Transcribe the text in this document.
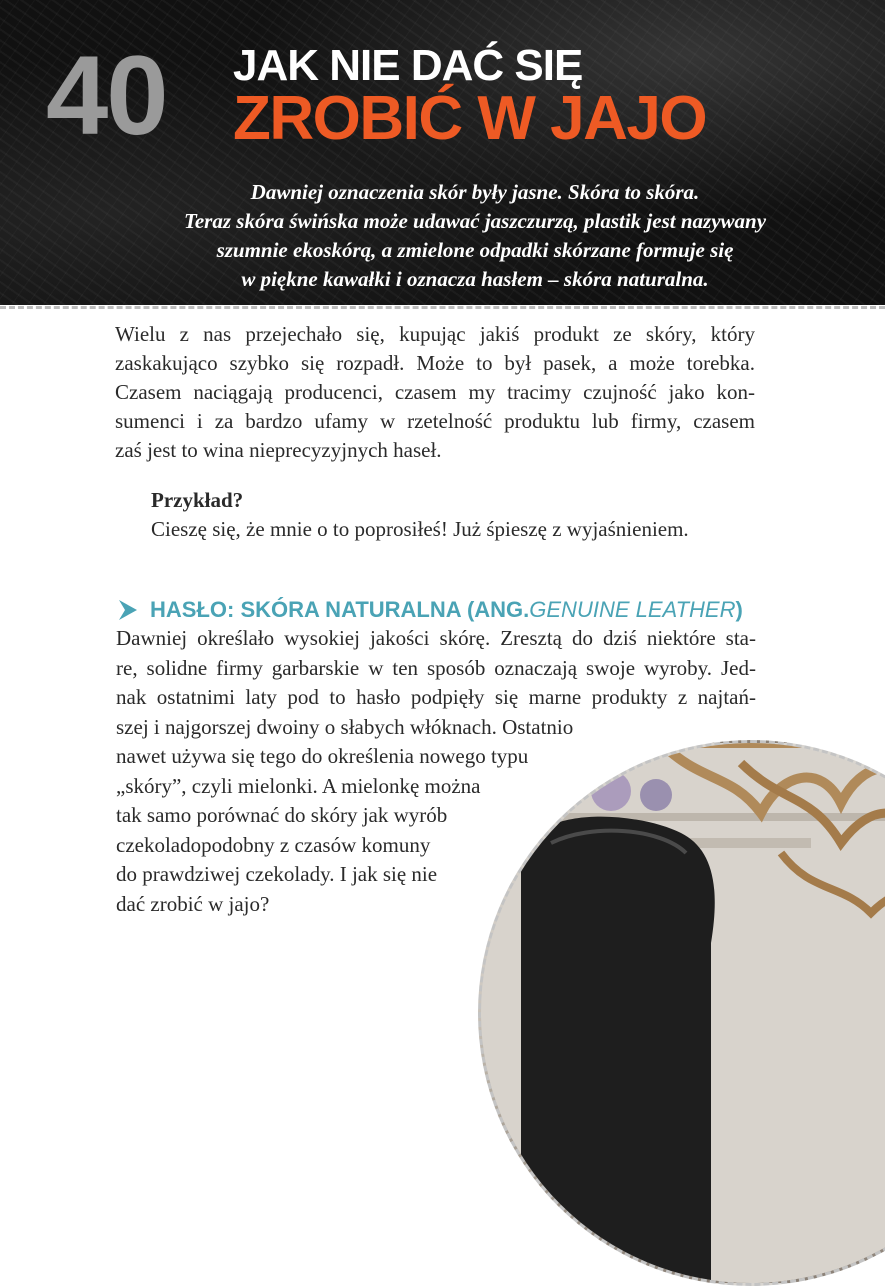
40 JAK NIE DAĆ SIĘ
ZROBIĆ W JAJO
Dawniej oznaczenia skór były jasne. Skóra to skóra.
Teraz skóra świńska może udawać jaszczurzą, plastik jest nazywany
szumnie ekoskórą, a zmielone odpadki skórzane formuje się
w piękne kawałki i oznacza hasłem – skóra naturalna.
Wielu z nas przejechało się, kupując jakiś produkt ze skóry, który
zaskakująco szybko się rozpadł. Może to był pasek, a może torebka.
Czasem naciągają producenci, czasem my tracimy czujność jako kon-
sumenci i za bardzo ufamy w rzetelność produktu lub firmy, czasem
zaś jest to wina nieprecyzyjnych haseł.
Przykład?
Cieszę się, że mnie o to poprosiłeś! Już śpieszę z wyjaśnieniem.
HASŁO: SKÓRA NATURALNA (ANG. GENUINE LEATHER )
Dawniej określało wysokiej jakości skórę. Zresztą do dziś niektóre sta-
re, solidne firmy garbarskie w ten sposób oznaczają swoje wyroby. Jed-
nak ostatnimi laty pod to hasło podpięły się marne produkty z najtań-
szej i najgorszej dwoiny o słabych włóknach. Ostatnio
nawet używa się tego do określenia nowego typu
„skóry”, czyli mielonki. A mielonkę można
tak samo porównać do skóry jak wyrób
czekoladopodobny z czasów komuny
do prawdziwej czekolady. I jak się nie
dać zrobić w jajo?
